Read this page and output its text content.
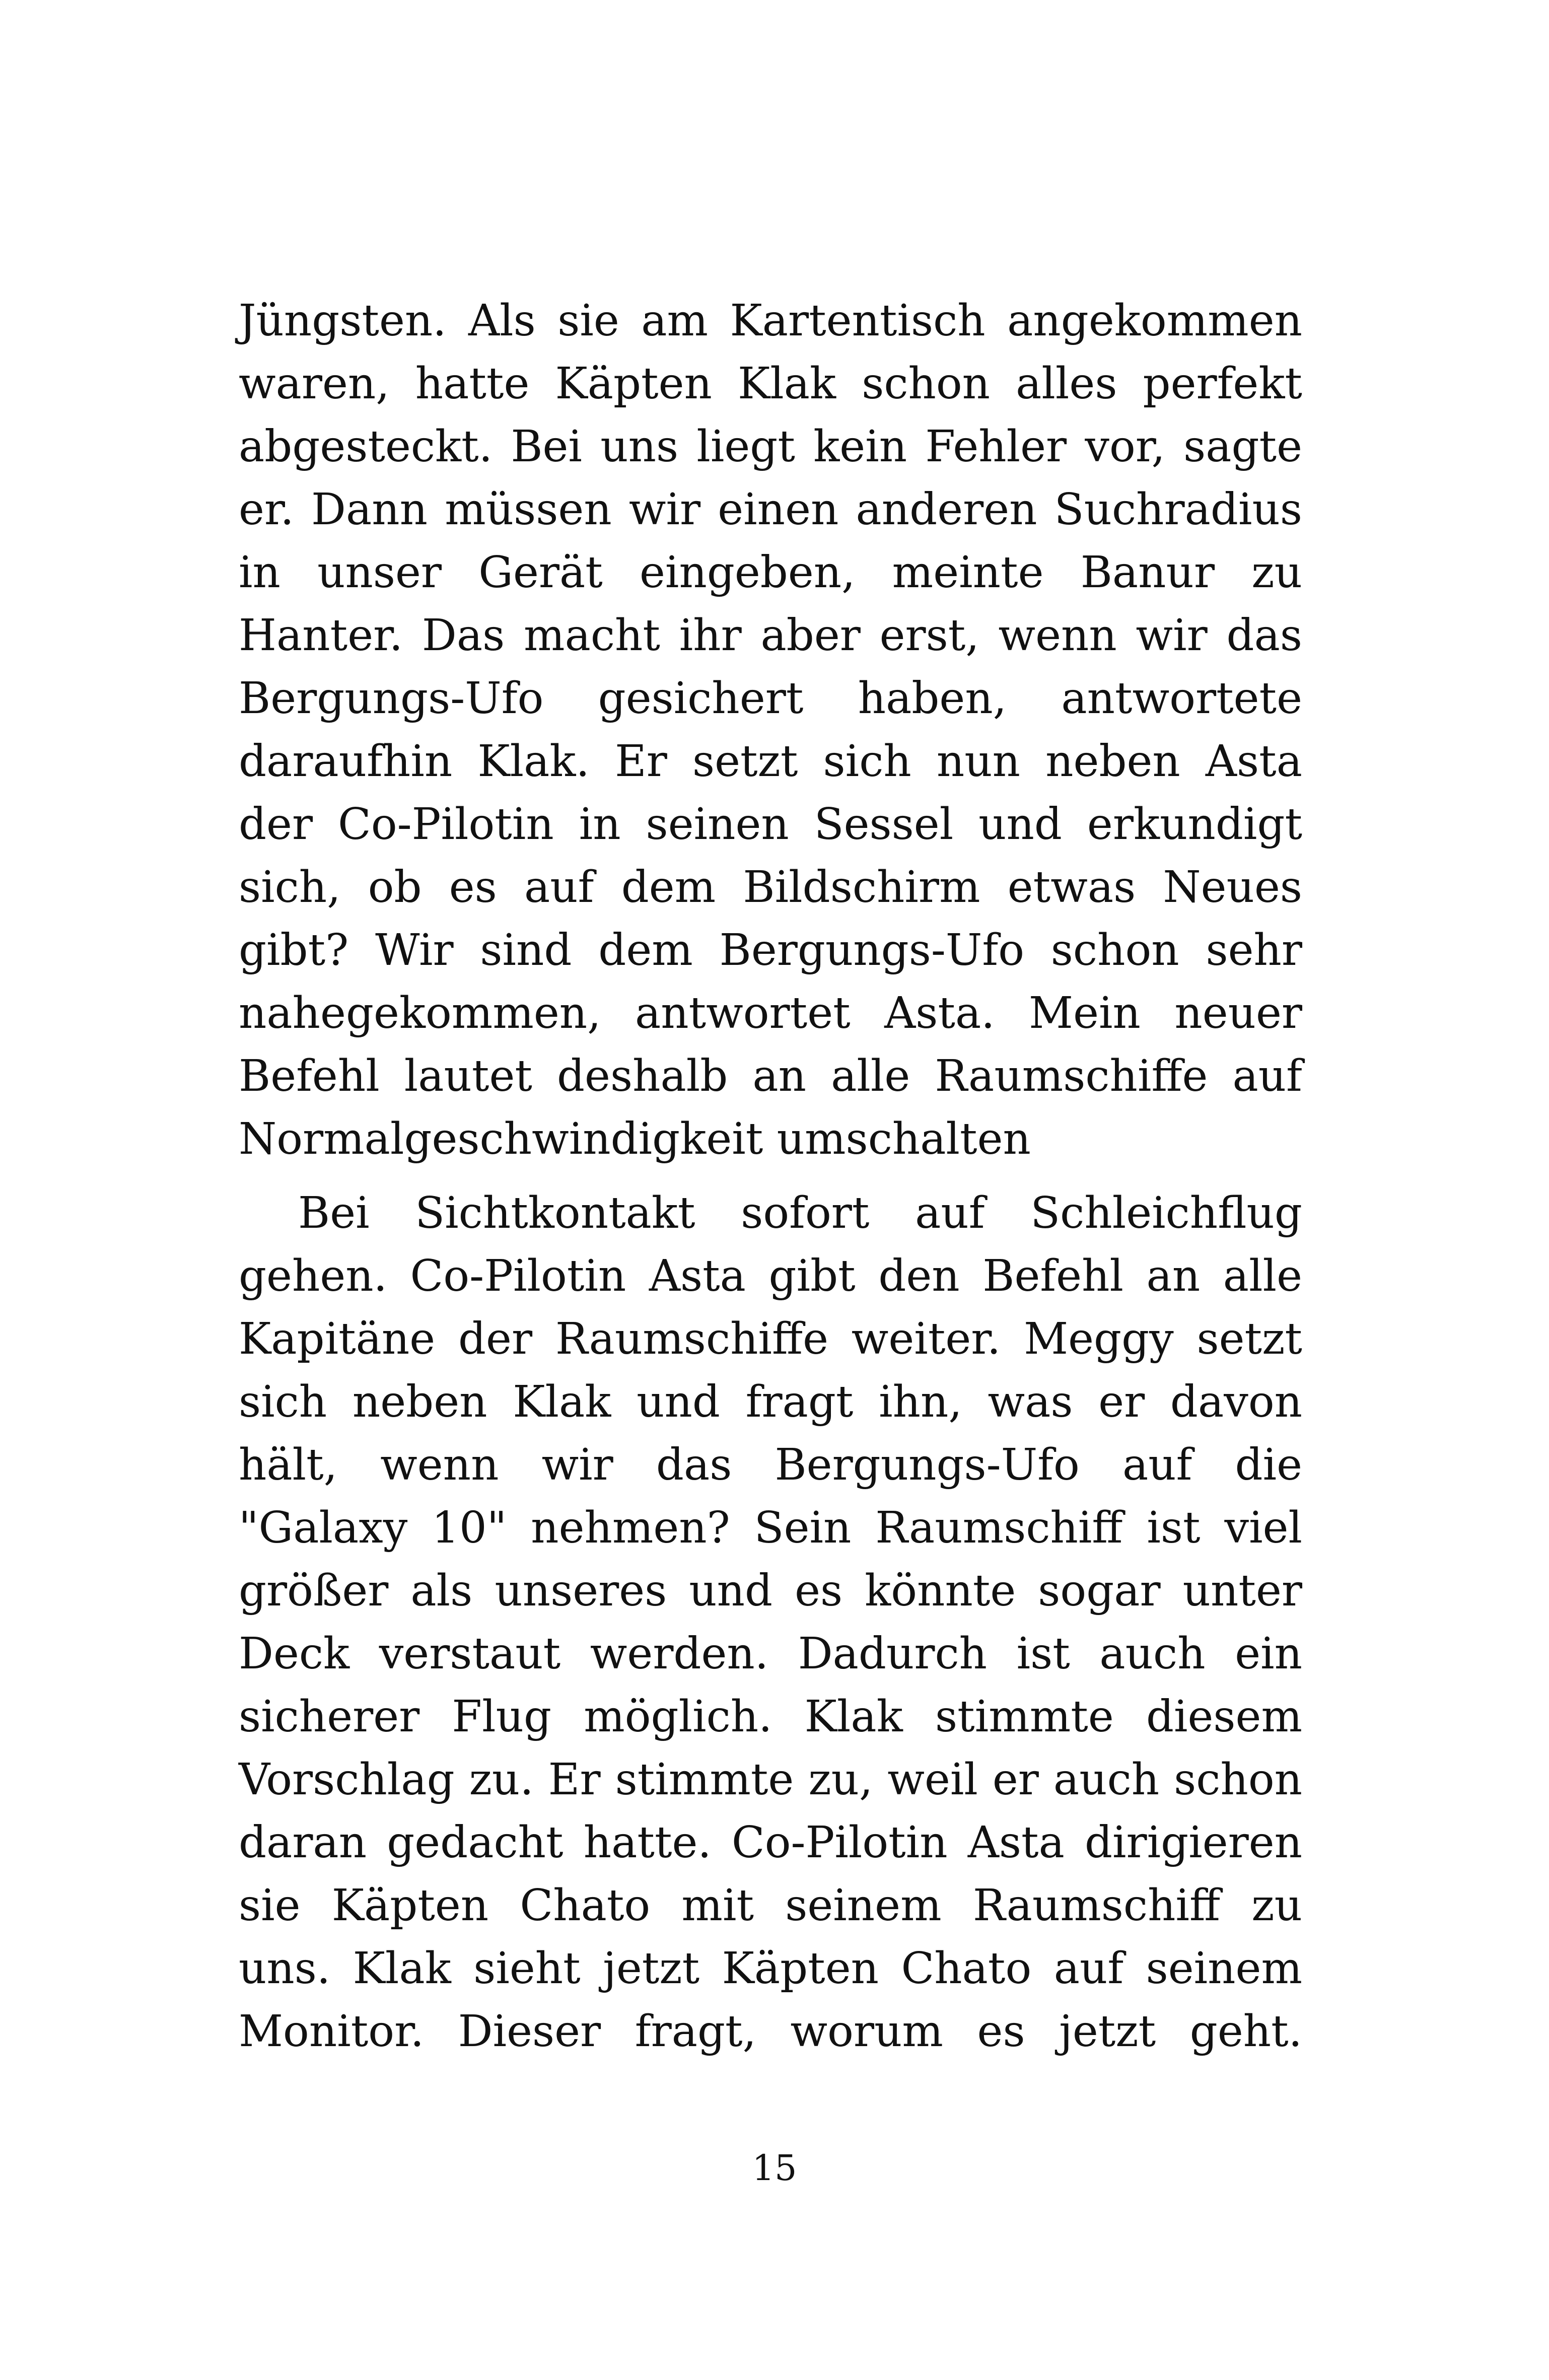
Jüngsten. Als sie am Kartentisch angekommen waren, hatte Käpten Klak schon alles perfekt abgesteckt. Bei uns liegt kein Fehler vor, sagte er. Dann müssen wir einen anderen Suchradius in unser Gerät eingeben, meinte Banur zu Hanter. Das macht ihr aber erst, wenn wir das Bergungs-Ufo gesichert haben, antwortete daraufhin Klak. Er setzt sich nun neben Asta der Co-Pilotin in seinen Sessel und erkundigt sich, ob es auf dem Bildschirm etwas Neues gibt? Wir sind dem Bergungs-Ufo schon sehr nahegekommen, antwortet Asta. Mein neuer Befehl lautet deshalb an alle Raumschiffe auf Normalgeschwindigkeit umschalten

Bei Sichtkontakt sofort auf Schleichflug gehen. Co-Pilotin Asta gibt den Befehl an alle Kapitäne der Raumschiffe weiter. Meggy setzt sich neben Klak und fragt ihn, was er davon hält, wenn wir das Bergungs-Ufo auf die "Galaxy 10" nehmen? Sein Raumschiff ist viel größer als unseres und es könnte sogar unter Deck verstaut werden. Dadurch ist auch ein sicherer Flug möglich. Klak stimmte diesem Vorschlag zu. Er stimmte zu, weil er auch schon daran gedacht hatte. Co-Pilotin Asta dirigieren sie Käpten Chato mit seinem Raumschiff zu uns. Klak sieht jetzt Käpten Chato auf seinem Monitor. Dieser fragt, worum es jetzt geht.

15
